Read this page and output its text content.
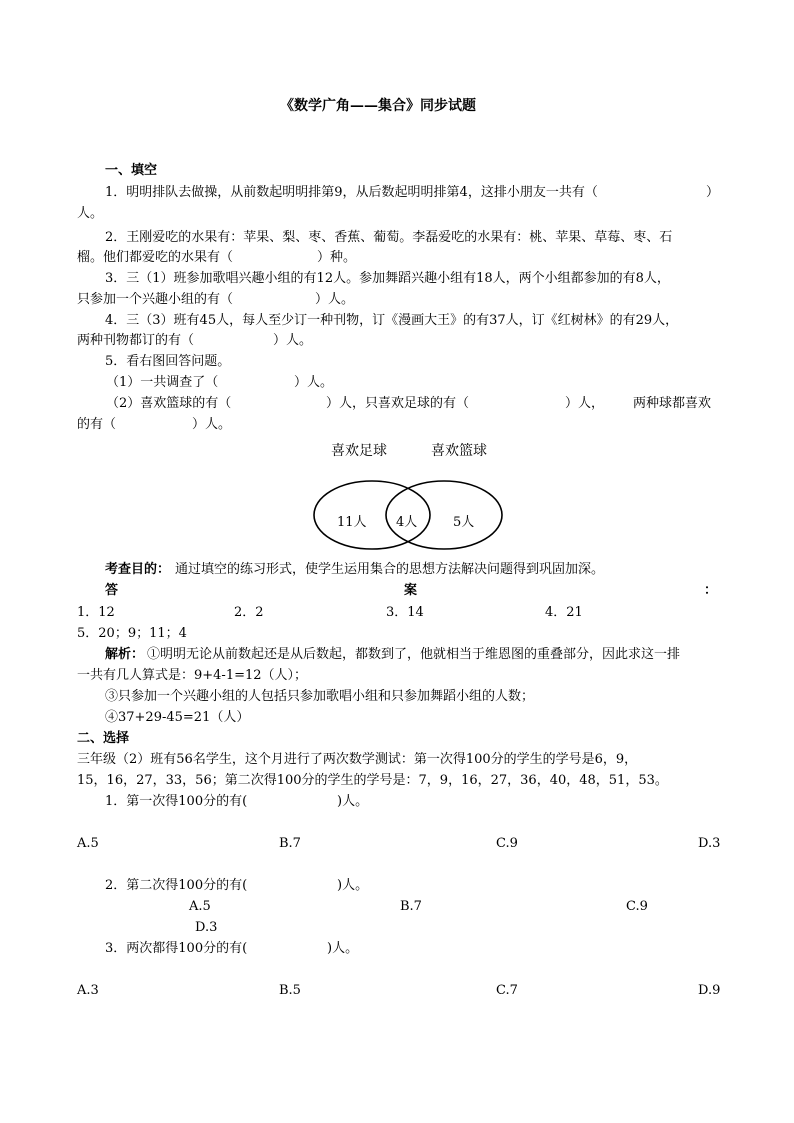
《数学广角——集合》同步试题
一、填空
1．明明排队去做操，从前数起明明排第9，从后数起明明排第4，这排小朋友一共有（	）
人。
2．王刚爱吃的水果有：苹果、梨、枣、香蕉、葡萄。李磊爱吃的水果有：桃、苹果、草莓、枣、石
榴。他们都爱吃的水果有（	）种。
3．三（1）班参加歌唱兴趣小组的有12人。参加舞蹈兴趣小组有18人，两个小组都参加的有8人，
只参加一个兴趣小组的有（	）人。
4．三（3）班有45人，每人至少订一种刊物，订《漫画大王》的有37人，订《红树林》的有29人，
两种刊物都订的有（	）人。
5．看右图回答问题。
（1）一共调查了（	）人。
（2）喜欢篮球的有（	）人，只喜欢足球的有（	）人， 两种球都喜欢
的有（	）人。
喜欢足球	喜欢篮球
11人 4人	5人
考查目的： 通过填空的练习形式，使学生运用集合的思想方法解决问题得到巩固加深。
答	案	：
1．12	2．2	3．14	4．21
5．20；9；11；4
解析： ①明明无论从前数起还是从后数起，都数到了，他就相当于维恩图的重叠部分，因此求这一排
一共有几人算式是：9+4-1=12（人）；
③只参加一个兴趣小组的人包括只参加歌唱小组和只参加舞蹈小组的人数；
④37+29-45=21（人）
二、选择
三年级（2）班有56名学生，这个月进行了两次数学测试：第一次得100分的学生的学号是6，9，
15，16，27，33，56；第二次得100分的学生的学号是：7，9，16，27，36，40，48，51，53。
1．第一次得100分的有(	)人。
A.5	B.7	C.9	D.3
2．第二次得100分的有(	)人。
A.5	B.7	C.9
D.3
3．两次都得100分的有(	)人。
A.3	B.5	C.7	D.9
